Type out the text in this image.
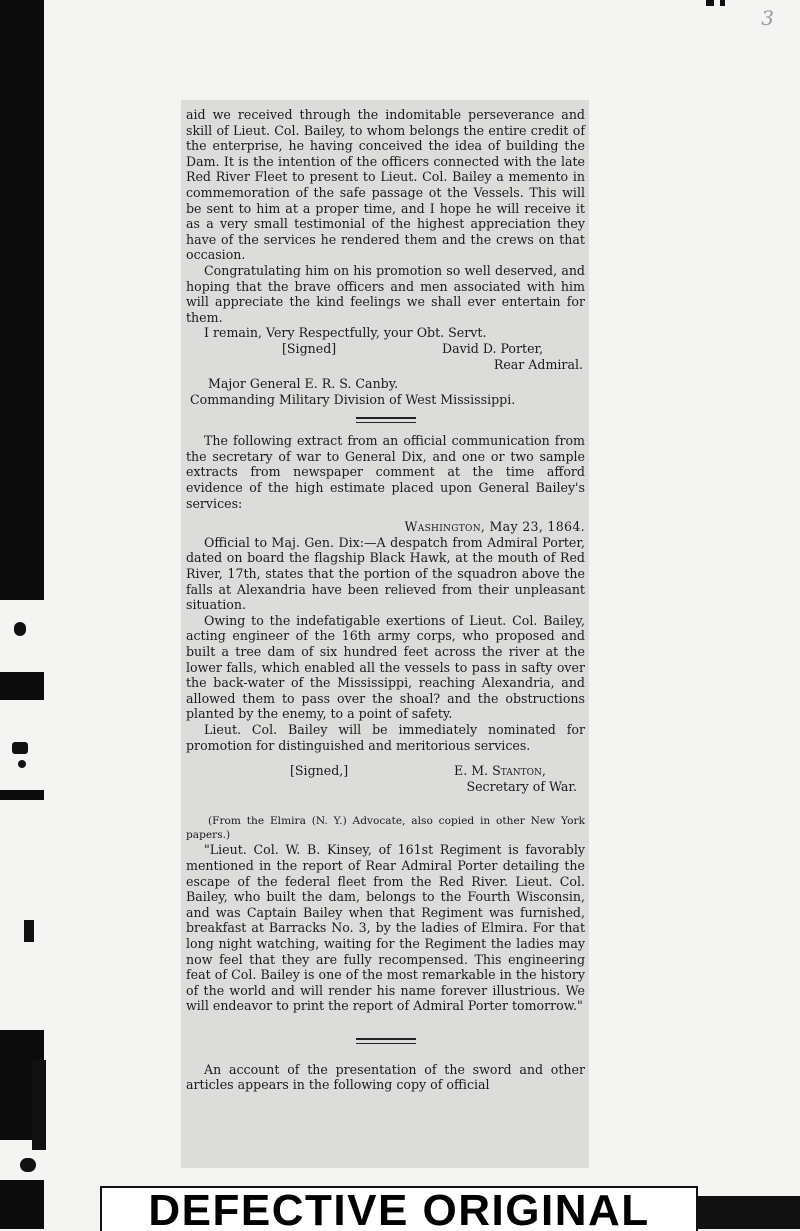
3

aid we received through the indomitable perseverance and skill of Lieut. Col. Bailey, to whom belongs the entire credit of the enterprise, he having conceived the idea of building the Dam. It is the intention of the officers connected with the late Red River Fleet to present to Lieut. Col. Bailey a memento in commemoration of the safe passage ot the Vessels. This will be sent to him at a proper time, and I hope he will receive it as a very small testimonial of the highest appreciation they have of the services he rendered them and the crews on that occasion.

Congratulating him on his promotion so well deserved, and hoping that the brave officers and men associated with him will appreciate the kind feelings we shall ever entertain for them.

I remain, Very Respectfully, your Obt. Servt.

[Signed]	David D. Porter,
Rear Admiral.
Major General E. R. S. Canby.
Commanding Military Division of West Mississippi.

The following extract from an official communication from the secretary of war to General Dix, and one or two sample extracts from newspaper comment at the time afford evidence of the high estimate placed upon General Bailey's services:

Washington, May 23, 1864.

Official to Maj. Gen. Dix:—A despatch from Admiral Porter, dated on board the flagship Black Hawk, at the mouth of Red River, 17th, states that the portion of the squadron above the falls at Alexandria have been relieved from their unpleasant situation.

Owing to the indefatigable exertions of Lieut. Col. Bailey, acting engineer of the 16th army corps, who proposed and built a tree dam of six hundred feet across the river at the lower falls, which enabled all the vessels to pass in safty over the back-water of the Mississippi, reaching Alexandria, and allowed them to pass over the shoal? and the obstructions planted by the enemy, to a point of safety.

Lieut. Col. Bailey will be immediately nominated for promotion for distinguished and meritorious services.

[Signed,]	E. M. Stanton,
Secretary of War.

(From the Elmira (N. Y.) Advocate, also copied in other New York papers.)

"Lieut. Col. W. B. Kinsey, of 161st Regiment is favorably mentioned in the report of Rear Admiral Porter detailing the escape of the federal fleet from the Red River. Lieut. Col. Bailey, who built the dam, belongs to the Fourth Wisconsin, and was Captain Bailey when that Regiment was furnished, breakfast at Barracks No. 3, by the ladies of Elmira. For that long night watching, waiting for the Regiment the ladies may now feel that they are fully recompensed. This engineering feat of Col. Bailey is one of the most remarkable in the history of the world and will render his name forever illustrious. We will endeavor to print the report of Admiral Porter tomorrow."

An account of the presentation of the sword and other articles appears in the following copy of official

DEFECTIVE ORIGINAL
